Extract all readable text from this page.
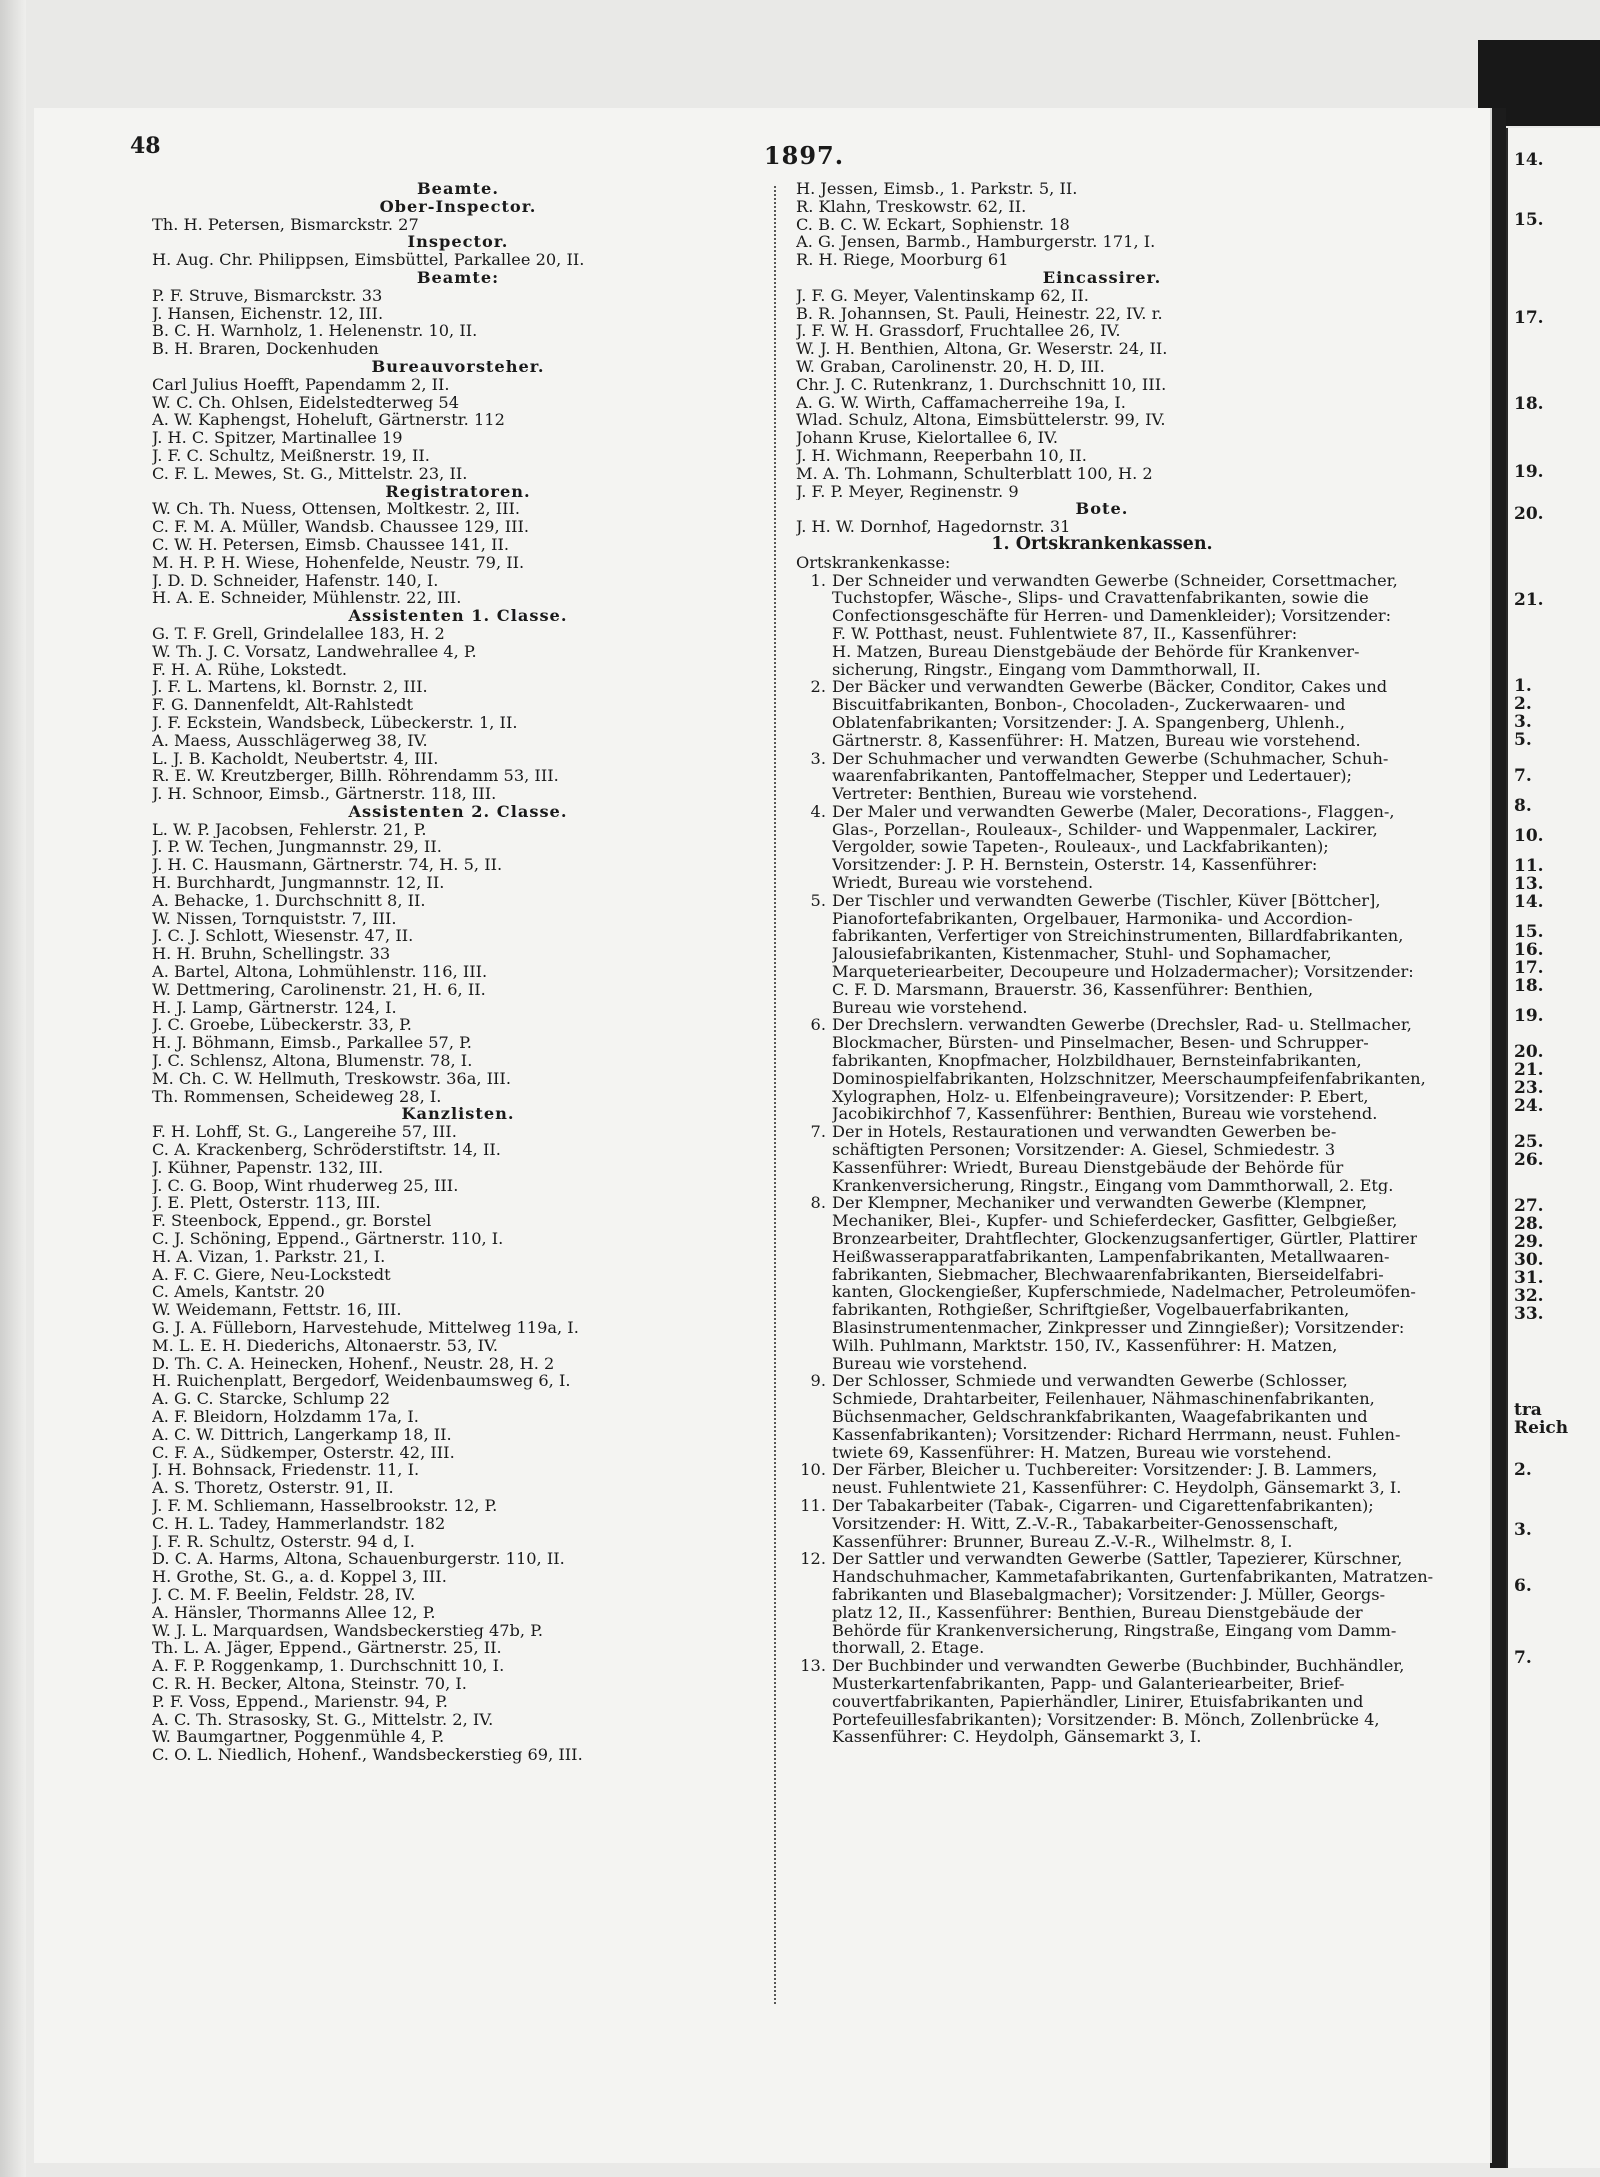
48	1897.
Beamte.
Ober-Inspector.
Th. H. Petersen, Bismarckstr. 27
Inspector.
H. Aug. Chr. Philippsen, Eimsbüttel, Parkallee 20, II.
Beamte:
P. F. Struve, Bismarckstr. 33
J. Hansen, Eichenstr. 12, III.
B. C. H. Warnholz, 1. Helenenstr. 10, II.
B. H. Braren, Dockenhuden
Bureauvorsteher.
Carl Julius Hoefft, Papendamm 2, II.
W. C. Ch. Ohlsen, Eidelstedterweg 54
A. W. Kaphengst, Hoheluft, Gärtnerstr. 112
J. H. C. Spitzer, Martinallee 19
J. F. C. Schultz, Meißnerstr. 19, II.
C. F. L. Mewes, St. G., Mittelstr. 23, II.
Registratoren.
W. Ch. Th. Nuess, Ottensen, Moltkestr. 2, III.
C. F. M. A. Müller, Wandsb. Chaussee 129, III.
C. W. H. Petersen, Eimsb. Chaussee 141, II.
M. H. P. H. Wiese, Hohenfelde, Neustr. 79, II.
J. D. D. Schneider, Hafenstr. 140, I.
H. A. E. Schneider, Mühlenstr. 22, III.
Assistenten 1. Classe.
G. T. F. Grell, Grindelallee 183, H. 2
W. Th. J. C. Vorsatz, Landwehrallee 4, P.
F. H. A. Rühe, Lokstedt.
J. F. L. Martens, kl. Bornstr. 2, III.
F. G. Dannenfeldt, Alt-Rahlstedt
J. F. Eckstein, Wandsbeck, Lübeckerstr. 1, II.
A. Maess, Ausschlägerweg 38, IV.
L. J. B. Kacholdt, Neubertstr. 4, III.
R. E. W. Kreutzberger, Billh. Röhrendamm 53, III.
J. H. Schnoor, Eimsb., Gärtnerstr. 118, III.
Assistenten 2. Classe.
L. W. P. Jacobsen, Fehlerstr. 21, P.
J. P. W. Techen, Jungmannstr. 29, II.
J. H. C. Hausmann, Gärtnerstr. 74, H. 5, II.
H. Burchhardt, Jungmannstr. 12, II.
A. Behacke, 1. Durchschnitt 8, II.
W. Nissen, Tornquiststr. 7, III.
J. C. J. Schlott, Wiesenstr. 47, II.
H. H. Bruhn, Schellingstr. 33
A. Bartel, Altona, Lohmühlenstr. 116, III.
W. Dettmering, Carolinenstr. 21, H. 6, II.
H. J. Lamp, Gärtnerstr. 124, I.
J. C. Groebe, Lübeckerstr. 33, P.
H. J. Böhmann, Eimsb., Parkallee 57, P.
J. C. Schlensz, Altona, Blumenstr. 78, I.
M. Ch. C. W. Hellmuth, Treskowstr. 36a, III.
Th. Rommensen, Scheideweg 28, I.
Kanzlisten.
F. H. Lohff, St. G., Langereihe 57, III.
C. A. Krackenberg, Schröderstiftstr. 14, II.
J. Kühner, Papenstr. 132, III.
J. C. G. Boop, Wint rhuderweg 25, III.
J. E. Plett, Osterstr. 113, III.
F. Steenbock, Eppend., gr. Borstel
C. J. Schöning, Eppend., Gärtnerstr. 110, I.
H. A. Vizan, 1. Parkstr. 21, I.
A. F. C. Giere, Neu-Lockstedt
C. Amels, Kantstr. 20
W. Weidemann, Fettstr. 16, III.
G. J. A. Fülleborn, Harvestehude, Mittelweg 119a, I.
M. L. E. H. Diederichs, Altonaerstr. 53, IV.
D. Th. C. A. Heinecken, Hohenf., Neustr. 28, H. 2
H. Ruichenplatt, Bergedorf, Weidenbaumsweg 6, I.
A. G. C. Starcke, Schlump 22
A. F. Bleidorn, Holzdamm 17a, I.
A. C. W. Dittrich, Langerkamp 18, II.
C. F. A., Südkemper, Osterstr. 42, III.
J. H. Bohnsack, Friedenstr. 11, I.
A. S. Thoretz, Osterstr. 91, II.
J. F. M. Schliemann, Hasselbrookstr. 12, P.
C. H. L. Tadey, Hammerlandstr. 182
J. F. R. Schultz, Osterstr. 94 d, I.
D. C. A. Harms, Altona, Schauenburgerstr. 110, II.
H. Grothe, St. G., a. d. Koppel 3, III.
J. C. M. F. Beelin, Feldstr. 28, IV.
A. Hänsler, Thormanns Allee 12, P.
W. J. L. Marquardsen, Wandsbeckerstieg 47b, P.
Th. L. A. Jäger, Eppend., Gärtnerstr. 25, II.
A. F. P. Roggenkamp, 1. Durchschnitt 10, I.
C. R. H. Becker, Altona, Steinstr. 70, I.
P. F. Voss, Eppend., Marienstr. 94, P.
A. C. Th. Strasosky, St. G., Mittelstr. 2, IV.
W. Baumgartner, Poggenmühle 4, P.
C. O. L. Niedlich, Hohenf., Wandsbeckerstieg 69, III.
H. Jessen, Eimsb., 1. Parkstr. 5, II.
R. Klahn, Treskowstr. 62, II.
C. B. C. W. Eckart, Sophienstr. 18
A. G. Jensen, Barmb., Hamburgerstr. 171, I.
R. H. Riege, Moorburg 61
Eincassirer.
J. F. G. Meyer, Valentinskamp 62, II.
B. R. Johannsen, St. Pauli, Heinestr. 22, IV. r.
J. F. W. H. Grassdorf, Fruchtallee 26, IV.
W. J. H. Benthien, Altona, Gr. Weserstr. 24, II.
W. Graban, Carolinenstr. 20, H. D, III.
Chr. J. C. Rutenkranz, 1. Durchschnitt 10, III.
A. G. W. Wirth, Caffamacherreihe 19a, I.
Wlad. Schulz, Altona, Eimsbüttelerstr. 99, IV.
Johann Kruse, Kielortallee 6, IV.
J. H. Wichmann, Reeperbahn 10, II.
M. A. Th. Lohmann, Schulterblatt 100, H. 2
J. F. P. Meyer, Reginenstr. 9
Bote.
J. H. W. Dornhof, Hagedornstr. 31
1. Ortskrankenkassen.
Ortskrankenkasse:
1. Der Schneider und verwandten Gewerbe (Schneider, Corsettmacher,
Tuchstopfer, Wäsche-, Slips- und Cravattenfabrikanten, sowie die
Confectionsgeschäfte für Herren- und Damenkleider); Vorsitzender:
F. W. Potthast, neust. Fuhlentwiete 87, II., Kassenführer:
H. Matzen, Bureau Dienstgebäude der Behörde für Krankenver-
sicherung, Ringstr., Eingang vom Dammthorwall, II.
2. Der Bäcker und verwandten Gewerbe (Bäcker, Conditor, Cakes und
Biscuitfabrikanten, Bonbon-, Chocoladen-, Zuckerwaaren- und
Oblatenfabrikanten; Vorsitzender: J. A. Spangenberg, Uhlenh.,
Gärtnerstr. 8, Kassenführer: H. Matzen, Bureau wie vorstehend.
3. Der Schuhmacher und verwandten Gewerbe (Schuhmacher, Schuh-
waarenfabrikanten, Pantoffelmacher, Stepper und Ledertauer);
Vertreter: Benthien, Bureau wie vorstehend.
4. Der Maler und verwandten Gewerbe (Maler, Decorations-, Flaggen-,
Glas-, Porzellan-, Rouleaux-, Schilder- und Wappenmaler, Lackirer,
Vergolder, sowie Tapeten-, Rouleaux-, und Lackfabrikanten);
Vorsitzender: J. P. H. Bernstein, Osterstr. 14, Kassenführer:
Wriedt, Bureau wie vorstehend.
5. Der Tischler und verwandten Gewerbe (Tischler, Küver [Böttcher],
Pianofortefabrikanten, Orgelbauer, Harmonika- und Accordion-
fabrikanten, Verfertiger von Streichinstrumenten, Billardfabrikanten,
Jalousiefabrikanten, Kistenmacher, Stuhl- und Sophamacher,
Marqueteriearbeiter, Decoupeure und Holzadermacher); Vorsitzender:
C. F. D. Marsmann, Brauerstr. 36, Kassenführer: Benthien,
Bureau wie vorstehend.
6. Der Drechslern. verwandten Gewerbe (Drechsler, Rad- u. Stellmacher,
Blockmacher, Bürsten- und Pinselmacher, Besen- und Schrupper-
fabrikanten, Knopfmacher, Holzbildhauer, Bernsteinfabrikanten,
Dominospielfabrikanten, Holzschnitzer, Meerschaumpfeifenfabrikanten,
Xylographen, Holz- u. Elfenbeingraveure); Vorsitzender: P. Ebert,
Jacobikirchhof 7, Kassenführer: Benthien, Bureau wie vorstehend.
7. Der in Hotels, Restaurationen und verwandten Gewerben be-
schäftigten Personen; Vorsitzender: A. Giesel, Schmiedestr. 3
Kassenführer: Wriedt, Bureau Dienstgebäude der Behörde für
Krankenversicherung, Ringstr., Eingang vom Dammthorwall, 2. Etg.
8. Der Klempner, Mechaniker und verwandten Gewerbe (Klempner,
Mechaniker, Blei-, Kupfer- und Schieferdecker, Gasfitter, Gelbgießer,
Bronzearbeiter, Drahtflechter, Glockenzugsanfertiger, Gürtler, Plattirer
Heißwasserapparatfabrikanten, Lampenfabrikanten, Metallwaaren-
fabrikanten, Siebmacher, Blechwaarenfabrikanten, Bierseidelfabri-
kanten, Glockengießer, Kupferschmiede, Nadelmacher, Petroleumöfen-
fabrikanten, Rothgießer, Schriftgießer, Vogelbauerfabrikanten,
Blasinstrumentenmacher, Zinkpresser und Zinngießer); Vorsitzender:
Wilh. Puhlmann, Marktstr. 150, IV., Kassenführer: H. Matzen,
Bureau wie vorstehend.
9. Der Schlosser, Schmiede und verwandten Gewerbe (Schlosser,
Schmiede, Drahtarbeiter, Feilenhauer, Nähmaschinenfabrikanten,
Büchsenmacher, Geldschrankfabrikanten, Waagefabrikanten und
Kassenfabrikanten); Vorsitzender: Richard Herrmann, neust. Fuhlen-
twiete 69, Kassenführer: H. Matzen, Bureau wie vorstehend.
10. Der Färber, Bleicher u. Tuchbereiter: Vorsitzender: J. B. Lammers,
neust. Fuhlentwiete 21, Kassenführer: C. Heydolph, Gänsemarkt 3, I.
11. Der Tabakarbeiter (Tabak-, Cigarren- und Cigarettenfabrikanten);
Vorsitzender: H. Witt, Z.-V.-R., Tabakarbeiter-Genossenschaft,
Kassenführer: Brunner, Bureau Z.-V.-R., Wilhelmstr. 8, I.
12. Der Sattler und verwandten Gewerbe (Sattler, Tapezierer, Kürschner,
Handschuhmacher, Kammetafabrikanten, Gurtenfabrikanten, Matratzen-
fabrikanten und Blasebalgmacher); Vorsitzender: J. Müller, Georgs-
platz 12, II., Kassenführer: Benthien, Bureau Dienstgebäude der
Behörde für Krankenversicherung, Ringstraße, Eingang vom Damm-
thorwall, 2. Etage.
13. Der Buchbinder und verwandten Gewerbe (Buchbinder, Buchhändler,
Musterkartenfabrikanten, Papp- und Galanteriearbeiter, Brief-
couvertfabrikanten, Papierhändler, Linirer, Etuisfabrikanten und
Portefeuillesfabrikanten); Vorsitzender: B. Mönch, Zollenbrücke 4,
Kassenführer: C. Heydolph, Gänsemarkt 3, I.
14.
15.
17.
18.
19.
20.
21.
1.
2.
3.
5.
7.
8.
10.
11.
13.
14.
15.
16.
17.
18.
19.
20.
21.
23.
24.
25.
26.
27.
28.
29.
30.
31.
32.
33.
tra
Reich
2.
3.
6.
7.
